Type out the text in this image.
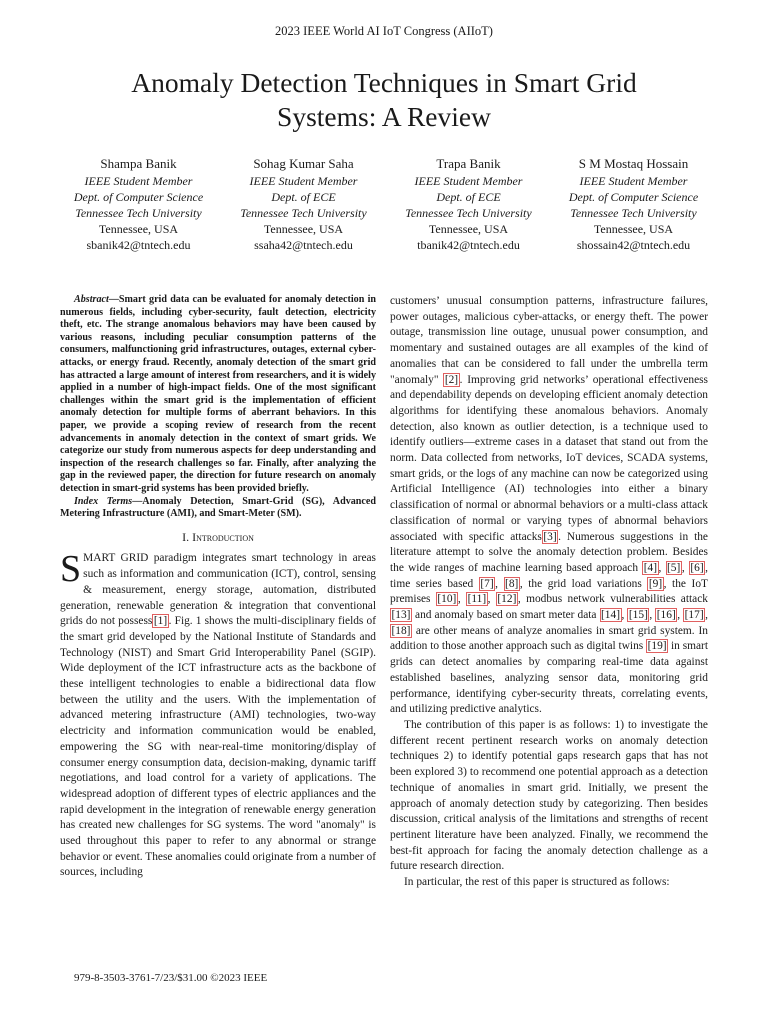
2023 IEEE World AI IoT Congress (AIIoT)
Anomaly Detection Techniques in Smart Grid
Systems: A Review
Shampa Banik
IEEE Student Member
Dept. of Computer Science
Tennessee Tech University
Tennessee, USA
sbanik42@tntech.edu
Sohag Kumar Saha
IEEE Student Member
Dept. of ECE
Tennessee Tech University
Tennessee, USA
ssaha42@tntech.edu
Trapa Banik
IEEE Student Member
Dept. of ECE
Tennessee Tech University
Tennessee, USA
tbanik42@tntech.edu
S M Mostaq Hossain
IEEE Student Member
Dept. of Computer Science
Tennessee Tech University
Tennessee, USA
shossain42@tntech.edu

Abstract—Smart grid data can be evaluated for anomaly detection in numerous fields, including cyber-security, fault detection, electricity theft, etc. The strange anomalous behaviors may have been caused by various reasons, including peculiar consumption patterns of the consumers, malfunctioning grid infrastructures, outages, external cyber-attacks, or energy fraud. Recently, anomaly detection of the smart grid has attracted a large amount of interest from researchers, and it is widely applied in a number of high-impact fields. One of the most significant challenges within the smart grid is the implementation of efficient anomaly detection for multiple forms of aberrant behaviors. In this paper, we provide a scoping review of research from the recent advancements in anomaly detection in the context of smart grids. We categorize our study from numerous aspects for deep understanding and inspection of the research challenges so far. Finally, after analyzing the gap in the reviewed paper, the direction for future research on anomaly detection in smart-grid systems has been provided briefly.

Index Terms—Anomaly Detection, Smart-Grid (SG), Advanced Metering Infrastructure (AMI), and Smart-Meter (SM).

I. Introduction

SMART GRID paradigm integrates smart technology in areas such as information and communication (ICT), control, sensing & measurement, energy storage, automation, distributed generation, renewable generation & integration that conventional grids do not possess [1] . Fig. 1 shows the multi-disciplinary fields of the smart grid developed by the National Institute of Standards and Technology (NIST) and Smart Grid Interoperability Panel (SGIP). Wide deployment of the ICT infrastructure acts as the backbone of these intelligent technologies to enable a bidirectional data flow between the utility and the users. With the implementation of advanced metering infrastructure (AMI) technologies, two-way electricity and information communication would be enabled, empowering the SG with near-real-time monitoring/display of consumer energy consumption data, decision-making, dynamic tariff negotiations, and load control for a variety of applications. The widespread adoption of different types of electric appliances and the rapid development in the integration of renewable energy generation has created new challenges for SG systems. The word "anomaly" is used throughout this paper to refer to any abnormal or strange behavior or event. These anomalies could originate from a number of sources, including

customers’ unusual consumption patterns, infrastructure failures, power outages, malicious cyber-attacks, or energy theft. The power outage, transmission line outage, unusual power consumption, and momentary and sustained outages are all examples of the kind of anomalies that can be considered to fall under the umbrella term "anomaly" [2] . Improving grid networks’ operational effectiveness and dependability depends on developing efficient anomaly detection algorithms for identifying these anomalous behaviors. Anomaly detection, also known as outlier detection, is a technique used to identify outliers—extreme cases in a dataset that stand out from the norm. Data collected from networks, IoT devices, SCADA systems, smart grids, or the logs of any machine can now be categorized using Artificial Intelligence (AI) technologies into either a binary classification of normal or abnormal behaviors or a multi-class attack classification of normal or varying types of abnormal behaviors associated with specific attacks [3] . Numerous suggestions in the literature attempt to solve the anomaly detection problem. Besides the wide ranges of machine learning based approach [4] , [5] , [6] , time series based [7] , [8] , the grid load variations [9] , the IoT premises [10] , [11] , [12] , modbus network vulnerabilities attack [13] and anomaly based on smart meter data [14] , [15] , [16] , [17] , [18] are other means of analyze anomalies in smart grid system. In addition to those another approach such as digital twins [19] in smart grids can detect anomalies by comparing real-time data against established baselines, analyzing sensor data, monitoring grid performance, identifying cyber-security threats, correlating events, and utilizing predictive analytics.

The contribution of this paper is as follows: 1) to investigate the different recent pertinent research works on anomaly detection techniques 2) to identify potential gaps research gaps that has not been explored 3) to recommend one potential approach as a detection technique of anomalies in smart grid. Initially, we present the approach of anomaly detection study by categorizing. Then besides discussion, critical analysis of the limitations and strengths of recent pertinent literature have been analyzed. Finally, we recommend the best-fit approach for facing the anomaly detection challenge as a future research direction.

In particular, the rest of this paper is structured as follows:

979-8-3503-3761-7/23/$31.00 ©2023 IEEE
